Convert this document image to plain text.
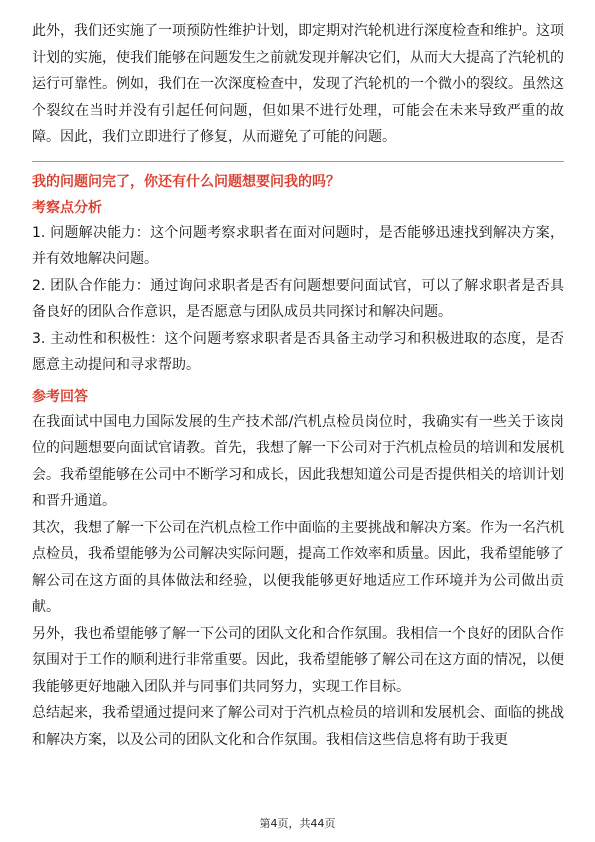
此外，我们还实施了一项预防性维护计划，即定期对汽轮机进行深度检查和维护。这项计划的实施，使我们能够在问题发生之前就发现并解决它们，从而大大提高了汽轮机的运行可靠性。例如，我们在一次深度检查中，发现了汽轮机的一个微小的裂纹。虽然这个裂纹在当时并没有引起任何问题，但如果不进行处理，可能会在未来导致严重的故障。因此，我们立即进行了修复，从而避免了可能的问题。

我的问题问完了，你还有什么问题想要问我的吗？
考察点分析

1. 问题解决能力：这个问题考察求职者在面对问题时，是否能够迅速找到解决方案，并有效地解决问题。

2. 团队合作能力：通过询问求职者是否有问题想要问面试官，可以了解求职者是否具备良好的团队合作意识，是否愿意与团队成员共同探讨和解决问题。

3. 主动性和积极性：这个问题考察求职者是否具备主动学习和积极进取的态度，是否愿意主动提问和寻求帮助。

参考回答

在我面试中国电力国际发展的生产技术部/汽机点检员岗位时，我确实有一些关于该岗位的问题想要向面试官请教。首先，我想了解一下公司对于汽机点检员的培训和发展机会。我希望能够在公司中不断学习和成长，因此我想知道公司是否提供相关的培训计划和晋升通道。

其次，我想了解一下公司在汽机点检工作中面临的主要挑战和解决方案。作为一名汽机点检员，我希望能够为公司解决实际问题，提高工作效率和质量。因此，我希望能够了解公司在这方面的具体做法和经验，以便我能够更好地适应工作环境并为公司做出贡献。

另外，我也希望能够了解一下公司的团队文化和合作氛围。我相信一个良好的团队合作氛围对于工作的顺利进行非常重要。因此，我希望能够了解公司在这方面的情况，以便我能够更好地融入团队并与同事们共同努力，实现工作目标。

总结起来，我希望通过提问来了解公司对于汽机点检员的培训和发展机会、面临的挑战和解决方案，以及公司的团队文化和合作氛围。我相信这些信息将有助于我更

第4页，共44页
